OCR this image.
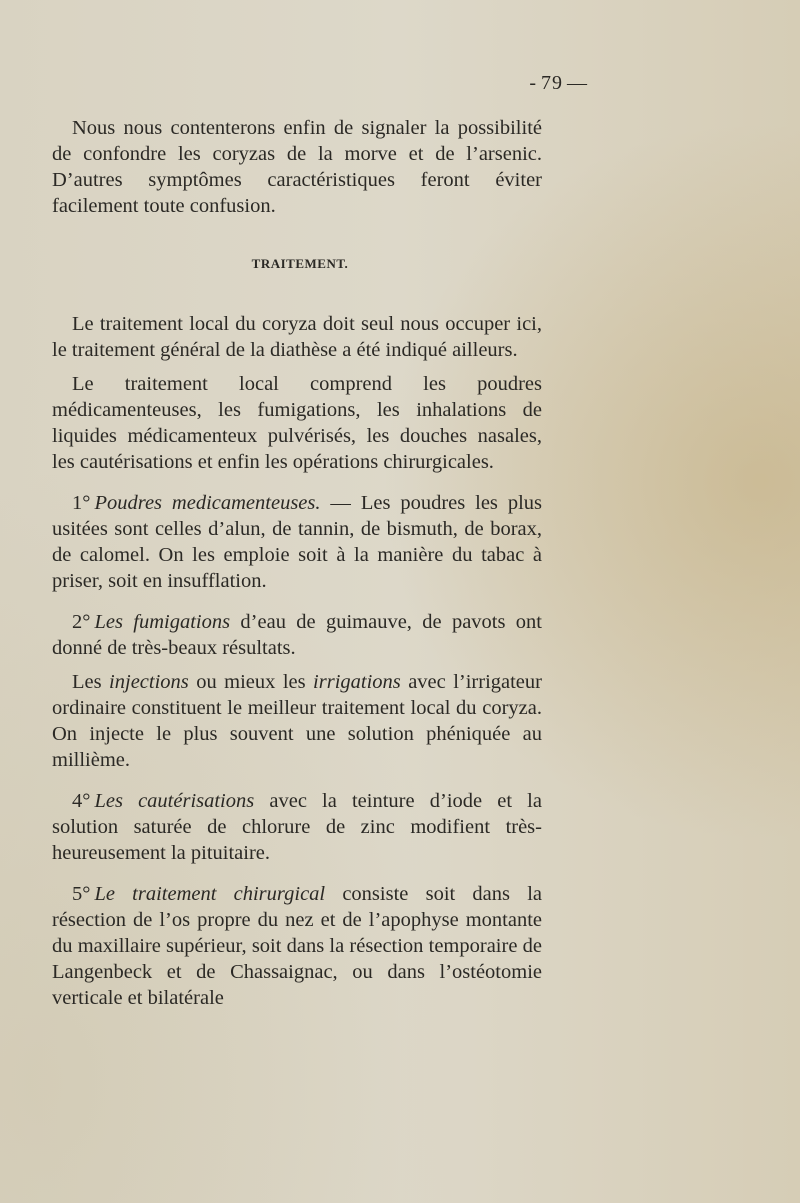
- 79 —

Nous nous contenterons enfin de signaler la possibilité de confondre les coryzas de la morve et de l’arsenic. D’autres symptômes caractéristiques feront éviter facilement toute confusion.

TRAITEMENT.

Le traitement local du coryza doit seul nous occuper ici, le traitement général de la diathèse a été indiqué ailleurs.

Le traitement local comprend les poudres médicamenteuses, les fumigations, les inhalations de liquides médicamenteux pulvérisés, les douches nasales, les cautérisations et enfin les opérations chirurgicales.

1° Poudres medicamenteuses. — Les poudres les plus usitées sont celles d’alun, de tannin, de bismuth, de borax, de calomel. On les emploie soit à la manière du tabac à priser, soit en insufflation.

2° Les fumigations d’eau de guimauve, de pavots ont donné de très-beaux résultats.

Les injections ou mieux les irrigations avec l’irrigateur ordinaire constituent le meilleur traitement local du coryza. On injecte le plus souvent une solution phéniquée au millième.

4° Les cautérisations avec la teinture d’iode et la solution saturée de chlorure de zinc modifient très-heureusement la pituitaire.

5° Le traitement chirurgical consiste soit dans la résection de l’os propre du nez et de l’apophyse montante du maxillaire supérieur, soit dans la résection temporaire de Langenbeck et de Chassaignac, ou dans l’ostéotomie verticale et bilatérale
